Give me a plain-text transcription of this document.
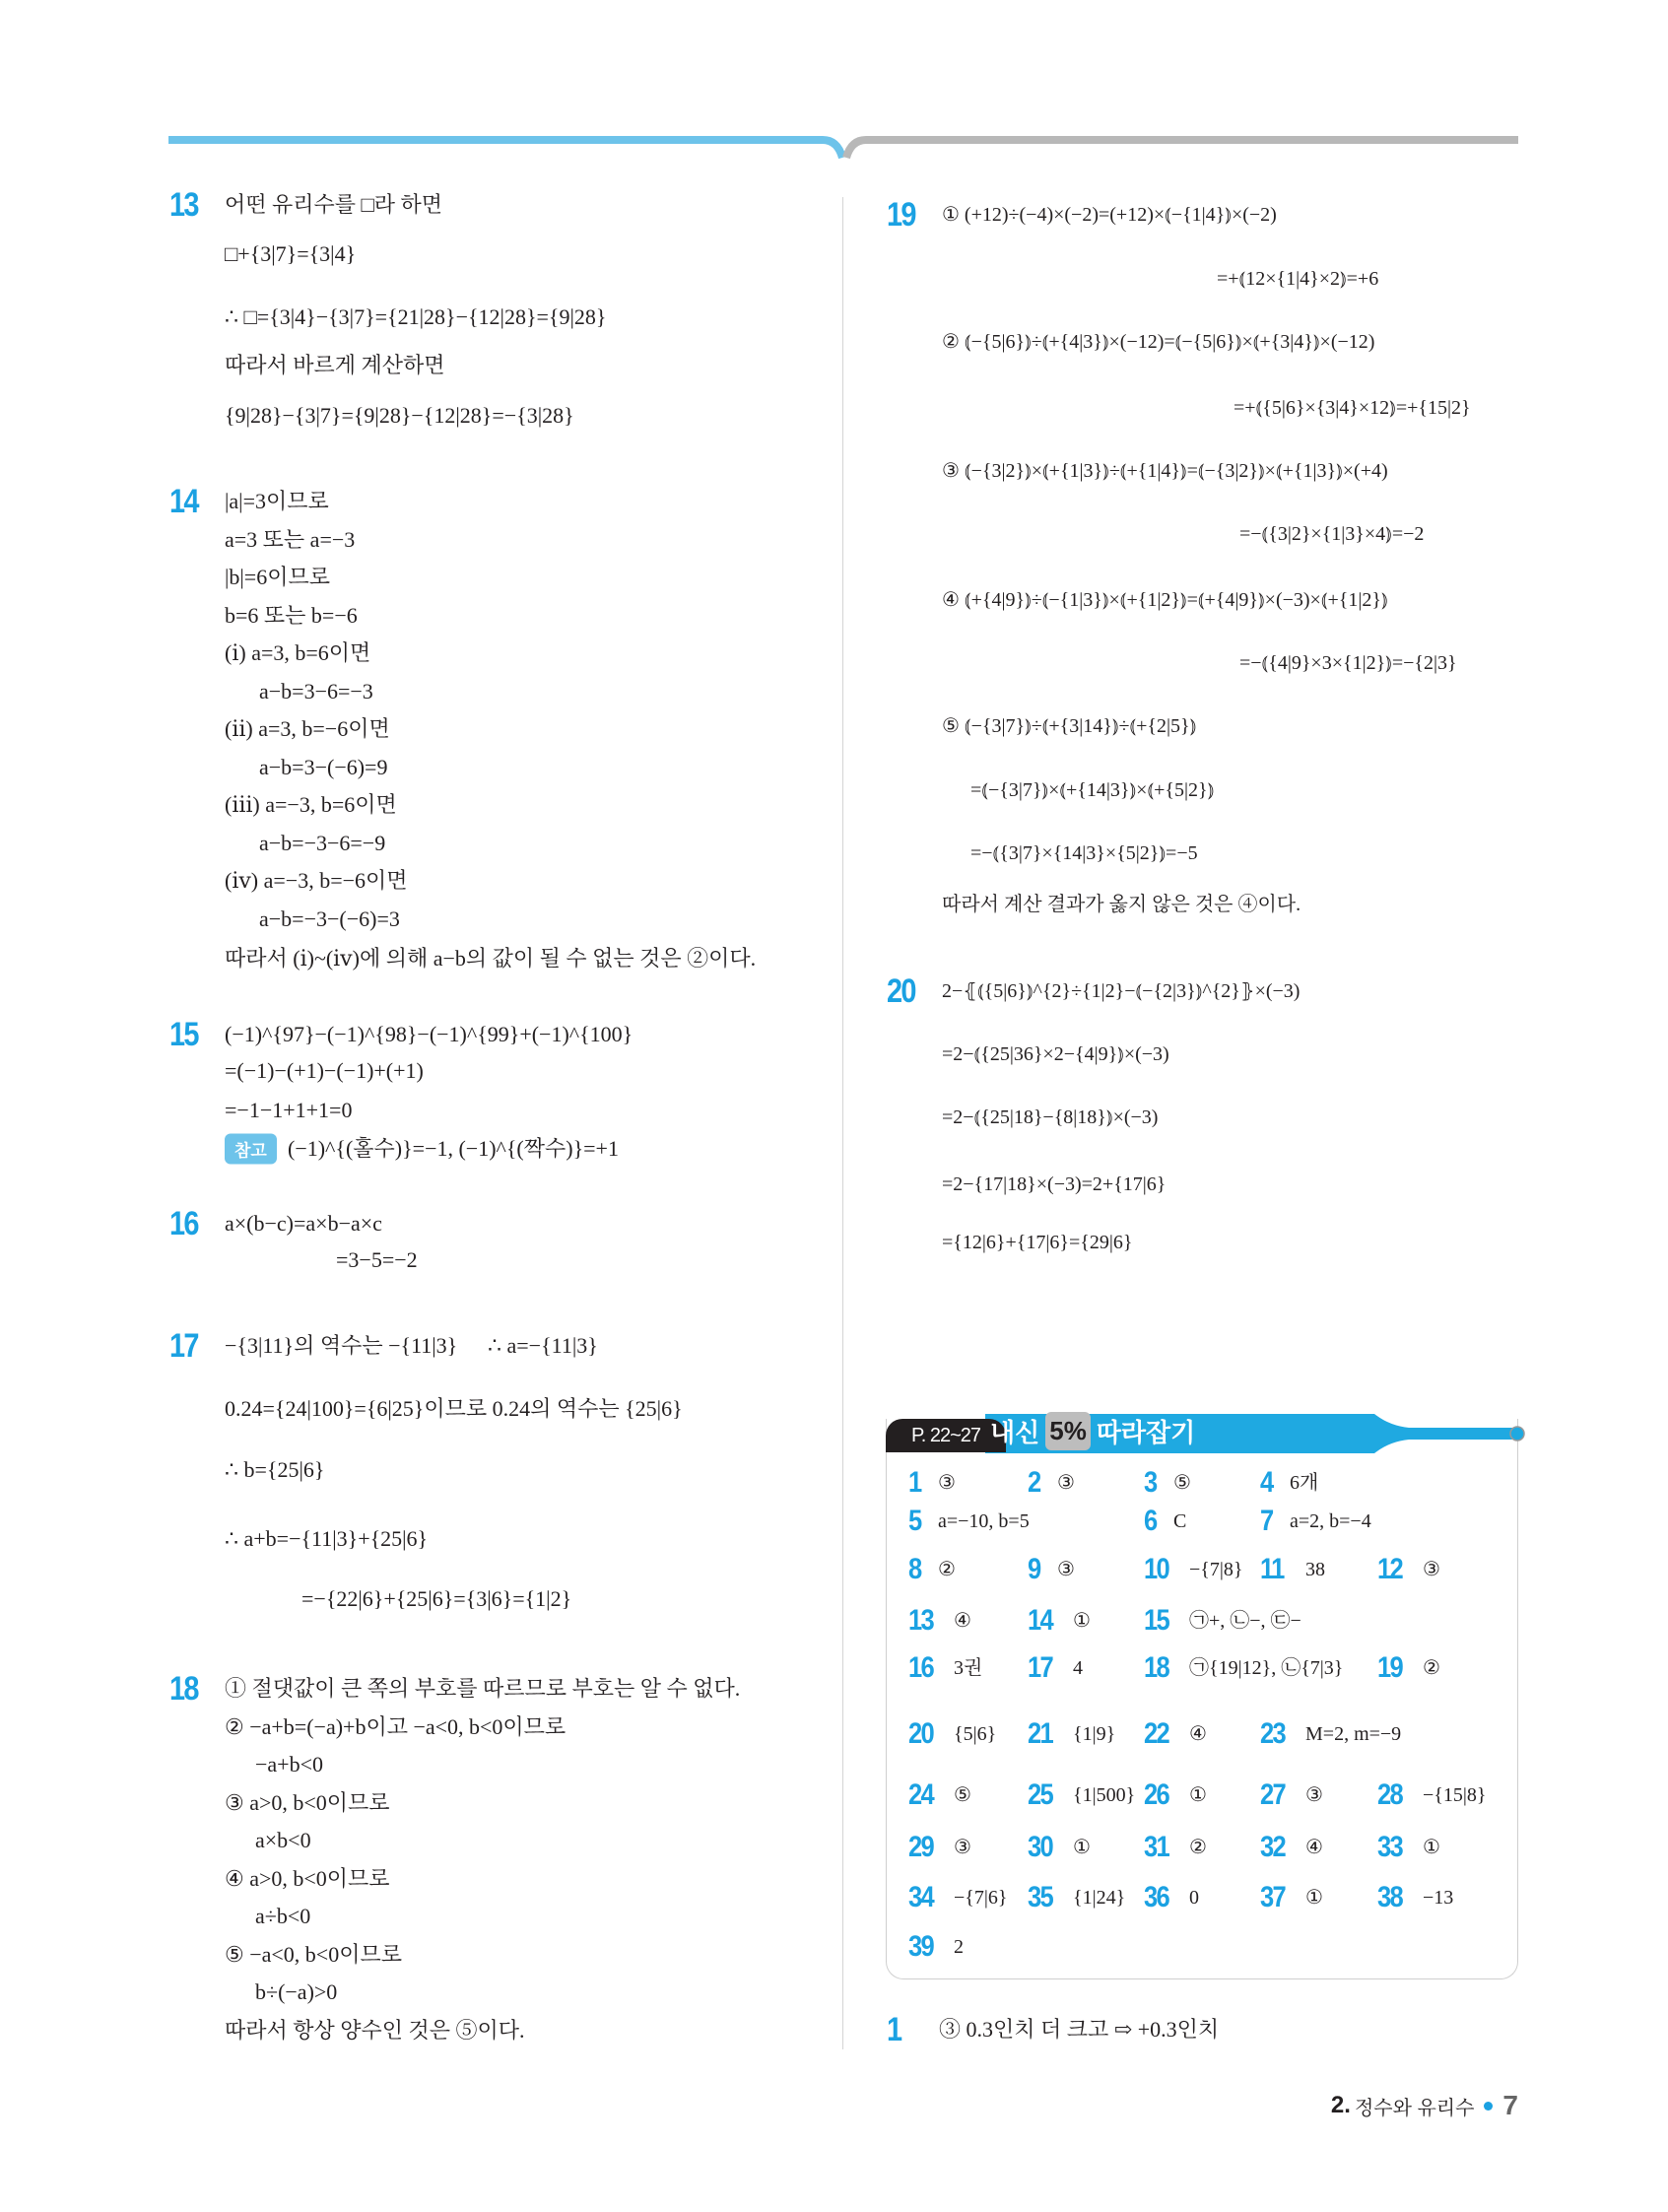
13 어떤 유리수를 □라 하면
□+{3|7}={3|4}
∴ □={3|4}−{3|7}={21|28}−{12|28}={9|28}
따라서 바르게 계산하면
{9|28}−{3|7}={9|28}−{12|28}=−{3|28}
14 |a|=3이므로
a=3 또는 a=−3
|b|=6이므로
b=6 또는 b=−6
(ⅰ) a=3, b=6이면
a−b=3−6=−3
(ⅱ) a=3, b=−6이면
a−b=3−(−6)=9
(ⅲ) a=−3, b=6이면
a−b=−3−6=−9
(ⅳ) a=−3, b=−6이면
a−b=−3−(−6)=3
따라서 (ⅰ)~(ⅳ)에 의해 a−b의 값이 될 수 없는 것은 ②이다.
15 (−1)^{97}−(−1)^{98}−(−1)^{99}+(−1)^{100}
=(−1)−(+1)−(−1)+(+1)
=−1−1+1+1=0
참고 (−1)^{(홀수)}=−1, (−1)^{(짝수)}=+1
16 a×(b−c)=a×b−a×c
=3−5=−2
17 −{3|11}의 역수는 −{11|3} ∴ a=−{11|3}
0.24={24|100}={6|25}이므로 0.24의 역수는 {25|6}
∴ b={25|6}
∴ a+b=−{11|3}+{25|6}
=−{22|6}+{25|6}={3|6}={1|2}
18 ① 절댓값이 큰 쪽의 부호를 따르므로 부호는 알 수 없다.
② −a+b=(−a)+b이고 −a<0, b<0이므로
−a+b<0
③ a>0, b<0이므로
a×b<0
④ a>0, b<0이므로
a÷b<0
⑤ −a<0, b<0이므로
b÷(−a)>0
따라서 항상 양수인 것은 ⑤이다.
19 ① (+12)÷(−4)×(−2)=(+12)×⦅−{1|4}⦆×(−2)
=+⦅12×{1|4}×2⦆=+6
② ⦅−{5|6}⦆÷⦅+{4|3}⦆×(−12)=⦅−{5|6}⦆×⦅+{3|4}⦆×(−12)
=+⦅{5|6}×{3|4}×12⦆=+{15|2}
③ ⦅−{3|2}⦆×⦅+{1|3}⦆÷⦅+{1|4}⦆=⦅−{3|2}⦆×⦅+{1|3}⦆×(+4)
=−⦅{3|2}×{1|3}×4⦆=−2
④ ⦅+{4|9}⦆÷⦅−{1|3}⦆×⦅+{1|2}⦆=⦅+{4|9}⦆×(−3)×⦅+{1|2}⦆
=−⦅{4|9}×3×{1|2}⦆=−{2|3}
⑤ ⦅−{3|7}⦆÷⦅+{3|14}⦆÷⦅+{2|5}⦆
=⦅−{3|7}⦆×⦅+{14|3}⦆×⦅+{5|2}⦆
=−⦅{3|7}×{14|3}×{5|2}⦆=−5
따라서 계산 결과가 옳지 않은 것은 ④이다.
20 2−⦃⦅{5|6}⦆^{2}÷{1|2}−⦅−{2|3}⦆^{2}⦄×(−3)
=2−⦅{25|36}×2−{4|9}⦆×(−3)
=2−⦅{25|18}−{8|18}⦆×(−3)
=2−{17|18}×(−3)=2+{17|6}
={12|6}+{17|6}={29|6}
P. 22~27 내신 5% 따라잡기
1 ③ 2 ③ 3 ⑤ 4 6개
5 a=−10, b=5	6 C 7 a=2, b=−4
8 ② 9 ③ 10 −{7|8} 11 38 12 ③
13 ④ 14 ① 15 ㉠+, ㉡−, ㉢−
16 3권 17 4 18 ㉠{19|12}, ㉡{7|3} 19 ②
20 {5|6} 21 {1|9} 22 ④ 23 M=2, m=−9
24 ⑤ 25 {1|500} 26 ① 27 ③ 28 −{15|8}
29 ③ 30 ① 31 ② 32 ④ 33 ①
34 −{7|6} 35 {1|24} 36 0 37 ① 38 −13
39 2
1 ③ 0.3인치 더 크고 ⇨ +0.3인치
2. 정수와 유리수 7
